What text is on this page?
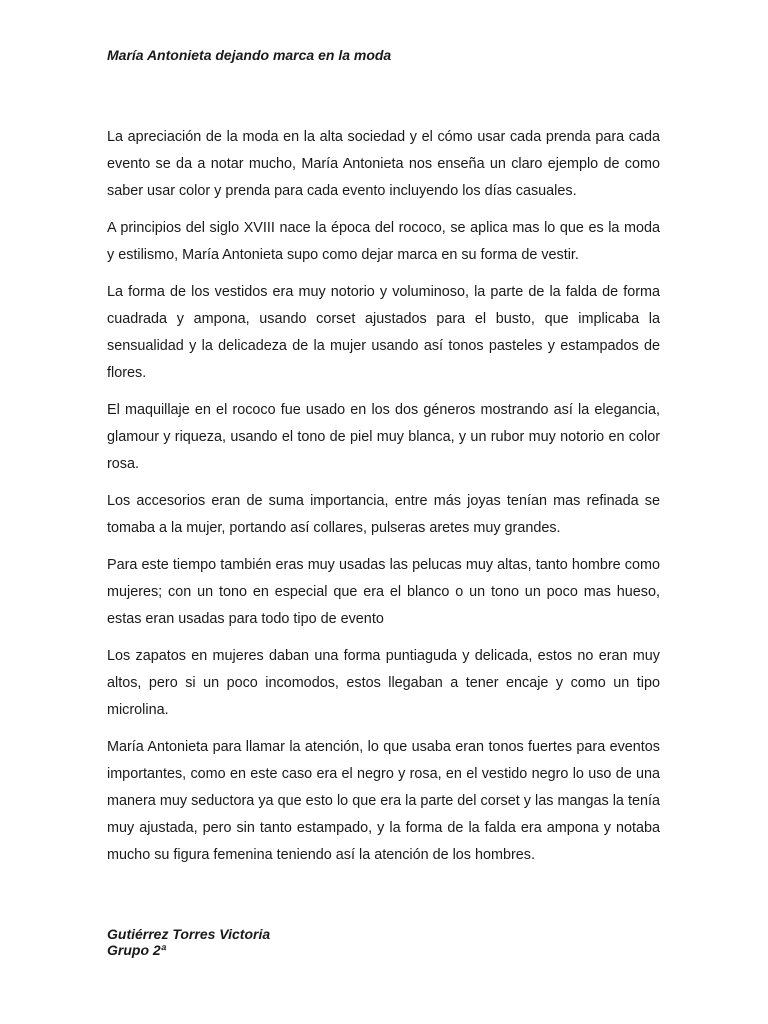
María Antonieta dejando marca en la moda

La apreciación de la moda en la alta sociedad y el cómo usar cada prenda para cada evento se da a notar mucho, María Antonieta nos enseña un claro ejemplo de como saber usar color y prenda para cada evento incluyendo los días casuales.

A principios del siglo XVIII nace la época del rococo, se aplica mas lo que es la moda y estilismo, María Antonieta supo como dejar marca en su forma de vestir.

La forma de los vestidos era muy notorio y voluminoso, la parte de la falda de forma cuadrada y ampona, usando corset ajustados para el busto, que implicaba la sensualidad y la delicadeza de la mujer usando así tonos pasteles y estampados de flores.

El maquillaje en el rococo fue usado en los dos géneros mostrando así la elegancia, glamour y riqueza, usando el tono de piel muy blanca, y un rubor muy notorio en color rosa.

Los accesorios eran de suma importancia, entre más joyas tenían mas refinada se tomaba a la mujer, portando así collares, pulseras aretes muy grandes.

Para este tiempo también eras muy usadas las pelucas muy altas, tanto hombre como mujeres; con un tono en especial que era el blanco o un tono un poco mas hueso, estas eran usadas para todo tipo de evento

Los zapatos en mujeres daban una forma puntiaguda y delicada, estos no eran muy altos, pero si un poco incomodos, estos llegaban a tener encaje y como un tipo microlina.

María Antonieta para llamar la atención, lo que usaba eran tonos fuertes para eventos importantes, como en este caso era el negro y rosa, en el vestido negro lo uso de una manera muy seductora ya que esto lo que era la parte del corset y las mangas la tenía muy ajustada, pero sin tanto estampado, y la forma de la falda era ampona y notaba mucho su figura femenina teniendo así la atención de los hombres.

Gutiérrez Torres Victoria
Grupo 2ª
